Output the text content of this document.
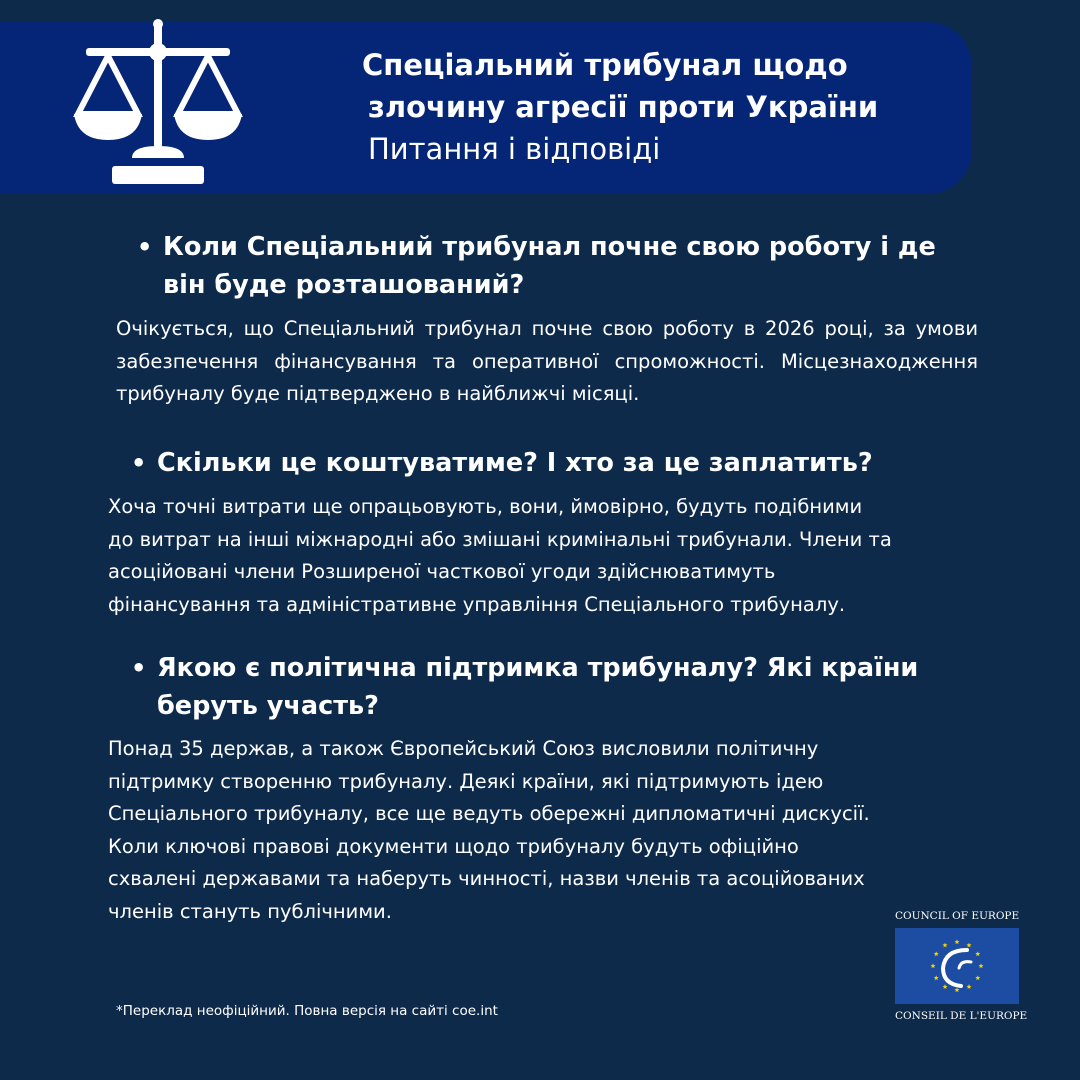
Спеціальний трибунал щодо
злочину агресії проти України
Питання і відповіді
• Коли Спеціальний трибунал почне свою роботу і де
він буде розташований?
Очікується, що Спеціальний трибунал почне свою роботу в 2026 році, за умови забезпечення фінансування та оперативної спроможності. Місцезнаходження трибуналу буде підтверджено в найближчі місяці.
• Скільки це коштуватиме? І хто за це заплатить?
Хоча точні витрати ще опрацьовують, вони, ймовірно, будуть подібними
до витрат на інші міжнародні або змішані кримінальні трибунали. Члени та
асоційовані члени Розширеної часткової угоди здійснюватимуть
фінансування та адміністративне управління Спеціального трибуналу.
• Якою є політична підтримка трибуналу? Які країни
беруть участь?
Понад 35 держав, а також Європейський Союз висловили політичну
підтримку створенню трибуналу. Деякі країни, які підтримують ідею
Спеціального трибуналу, все ще ведуть обережні дипломатичні дискусії.
Коли ключові правові документи щодо трибуналу будуть офіційно
схвалені державами та наберуть чинності, назви членів та асоційованих
членів стануть публічними.	COUNCIL OF EUROPE
CONSEIL DE L'EUROPE
*Переклад неофіційний. Повна версія на сайті coe.int
